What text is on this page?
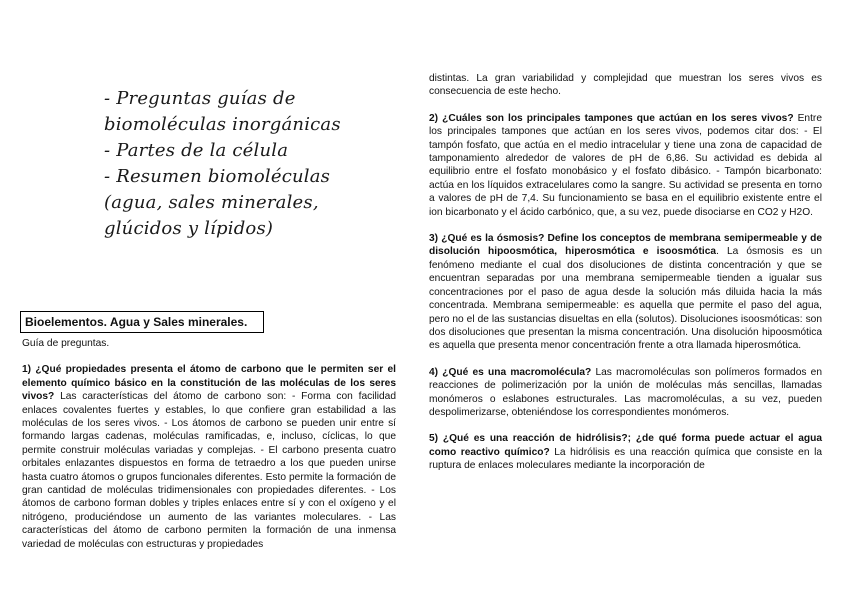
- Preguntas guías de
biomoléculas inorgánicas
- Partes de la célula
- Resumen biomoléculas
(agua, sales minerales,
glúcidos y lípidos)
Bioelementos. Agua y Sales minerales.

Guía de preguntas.

1) ¿Qué propiedades presenta el átomo de carbono que le permiten ser el elemento químico básico en la constitución de las moléculas de los seres vivos? Las características del átomo de carbono son: - Forma con facilidad enlaces covalentes fuertes y estables, lo que confiere gran estabilidad a las moléculas de los seres vivos. - Los átomos de carbono se pueden unir entre sí formando largas cadenas, moléculas ramificadas, e, incluso, cíclicas, lo que permite construir moléculas variadas y complejas. - El carbono presenta cuatro orbitales enlazantes dispuestos en forma de tetraedro a los que pueden unirse hasta cuatro átomos o grupos funcionales diferentes. Esto permite la formación de gran cantidad de moléculas tridimensionales con propiedades diferentes. - Los átomos de carbono forman dobles y triples enlaces entre sí y con el oxígeno y el nitrógeno, produciéndose un aumento de las variantes moleculares. - Las características del átomo de carbono permiten la formación de una inmensa variedad de moléculas con estructuras y propiedades

distintas. La gran variabilidad y complejidad que muestran los seres vivos es consecuencia de este hecho.

2) ¿Cuáles son los principales tampones que actúan en los seres vivos? Entre los principales tampones que actúan en los seres vivos, podemos citar dos: - El tampón fosfato, que actúa en el medio intracelular y tiene una zona de capacidad de tamponamiento alrededor de valores de pH de 6,86. Su actividad es debida al equilibrio entre el fosfato monobásico y el fosfato dibásico. - Tampón bicarbonato: actúa en los líquidos extracelulares como la sangre. Su actividad se presenta en torno a valores de pH de 7,4. Su funcionamiento se basa en el equilibrio existente entre el ion bicarbonato y el ácido carbónico, que, a su vez, puede disociarse en CO2 y H2O.

3) ¿Qué es la ósmosis? Define los conceptos de membrana semipermeable y de disolución hipoosmótica, hiperosmótica e isoosmótica. La ósmosis es un fenómeno mediante el cual dos disoluciones de distinta concentración y que se encuentran separadas por una membrana semipermeable tienden a igualar sus concentraciones por el paso de agua desde la solución más diluida hacia la más concentrada. Membrana semipermeable: es aquella que permite el paso del agua, pero no el de las sustancias disueltas en ella (solutos). Disoluciones isoosmóticas: son dos disoluciones que presentan la misma concentración. Una disolución hipoosmótica es aquella que presenta menor concentración frente a otra llamada hiperosmótica.

4) ¿Qué es una macromolécula? Las macromoléculas son polímeros formados en reacciones de polimerización por la unión de moléculas más sencillas, llamadas monómeros o eslabones estructurales. Las macromoléculas, a su vez, pueden despolimerizarse, obteniéndose los correspondientes monómeros.

5) ¿Qué es una reacción de hidrólisis?; ¿de qué forma puede actuar el agua como reactivo químico? La hidrólisis es una reacción química que consiste en la ruptura de enlaces moleculares mediante la incorporación de
